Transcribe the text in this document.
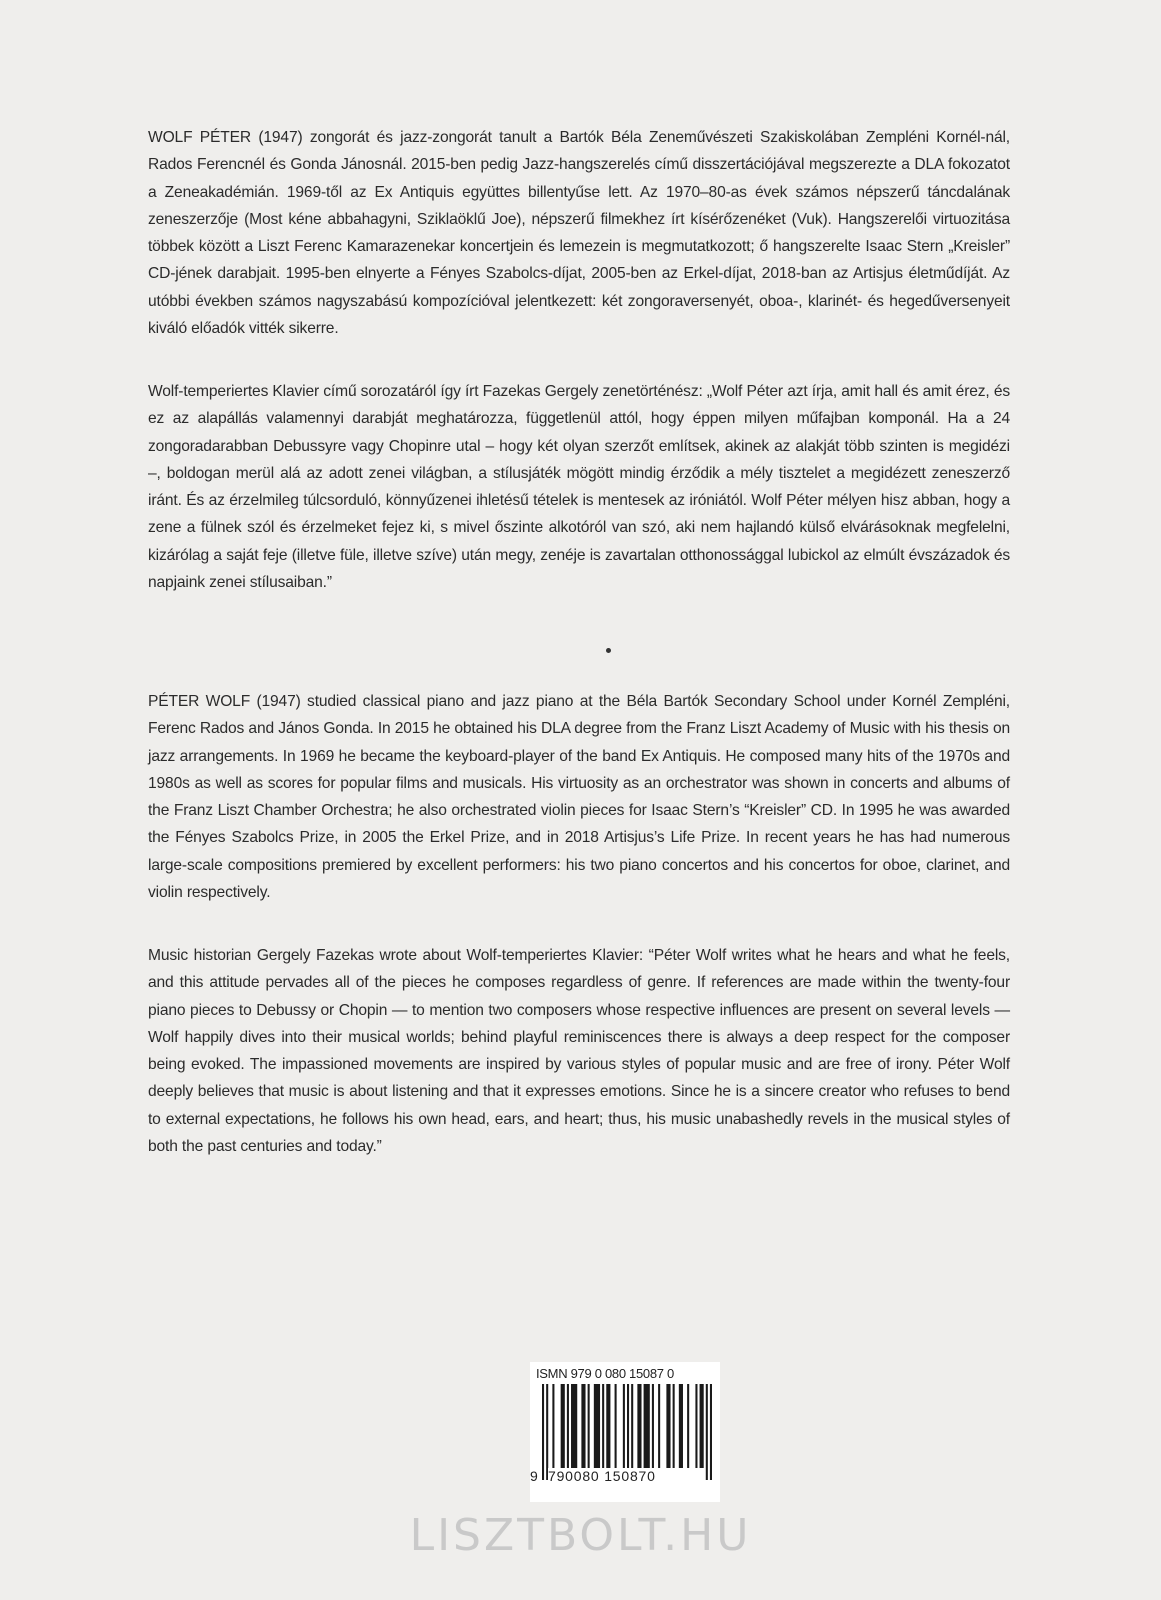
WOLF PÉTER (1947) zongorát és jazz-zongorát tanult a Bartók Béla Zeneművészeti Szakiskolában Zempléni Kornél-nál, Rados Ferencnél és Gonda Jánosnál. 2015-ben pedig Jazz-hangszerelés című disszertációjával megszerezte a DLA fokozatot a Zeneakadémián. 1969-től az Ex Antiquis együttes billentyűse lett. Az 1970–80-as évek számos népszerű táncdalának zeneszerzője (Most kéne abbahagyni, Sziklaöklű Joe), népszerű filmekhez írt kísérőzenéket (Vuk). Hangszerelői virtuozitása többek között a Liszt Ferenc Kamarazenekar koncertjein és lemezein is megmutatkozott; ő hangszerelte Isaac Stern „Kreisler” CD-jének darabjait. 1995-ben elnyerte a Fényes Szabolcs-díjat, 2005-ben az Erkel-díjat, 2018-ban az Artisjus életműdíját. Az utóbbi években számos nagyszabású kompozícióval jelentkezett: két zongoraversenyét, oboa-, klarinét- és hegedűversenyeit kiváló előadók vitték sikerre.

Wolf-temperiertes Klavier című sorozatáról így írt Fazekas Gergely zenetörténész: „Wolf Péter azt írja, amit hall és amit érez, és ez az alapállás valamennyi darabját meghatározza, függetlenül attól, hogy éppen milyen műfajban komponál. Ha a 24 zongoradarabban Debussyre vagy Chopinre utal – hogy két olyan szerzőt említsek, akinek az alakját több szinten is megidézi –, boldogan merül alá az adott zenei világban, a stílusjáték mögött mindig érződik a mély tisztelet a megidézett zeneszerző iránt. És az érzelmileg túlcsorduló, könnyűzenei ihletésű tételek is mentesek az iróniától. Wolf Péter mélyen hisz abban, hogy a zene a fülnek szól és érzelmeket fejez ki, s mivel őszinte alkotóról van szó, aki nem hajlandó külső elvárásoknak megfelelni, kizárólag a saját feje (illetve füle, illetve szíve) után megy, zenéje is zavartalan otthonossággal lubickol az elmúlt évszázadok és napjaink zenei stílusaiban.”

PÉTER WOLF (1947) studied classical piano and jazz piano at the Béla Bartók Secondary School under Kornél Zempléni, Ferenc Rados and János Gonda. In 2015 he obtained his DLA degree from the Franz Liszt Academy of Music with his thesis on jazz arrangements. In 1969 he became the keyboard-player of the band Ex Antiquis. He composed many hits of the 1970s and 1980s as well as scores for popular films and musicals. His virtuosity as an orchestrator was shown in concerts and albums of the Franz Liszt Chamber Orchestra; he also orchestrated violin pieces for Isaac Stern’s “Kreisler” CD. In 1995 he was awarded the Fényes Szabolcs Prize, in 2005 the Erkel Prize, and in 2018 Artisjus’s Life Prize. In recent years he has had numerous large-scale compositions premiered by excellent performers: his two piano concertos and his concertos for oboe, clarinet, and violin respectively.

Music historian Gergely Fazekas wrote about Wolf-temperiertes Klavier: “Péter Wolf writes what he hears and what he feels, and this attitude pervades all of the pieces he composes regardless of genre. If references are made within the twenty-four piano pieces to Debussy or Chopin — to mention two composers whose respective influences are present on several levels — Wolf happily dives into their musical worlds; behind playful reminiscences there is always a deep respect for the composer being evoked. The impassioned movements are inspired by various styles of popular music and are free of irony. Péter Wolf deeply believes that music is about listening and that it expresses emotions. Since he is a sincere creator who refuses to bend to external expectations, he follows his own head, ears, and heart; thus, his music unabashedly revels in the musical styles of both the past centuries and today.”

ISMN 979 0 080 15087 0
9 790080 150870
LISZTBOLT.HU
